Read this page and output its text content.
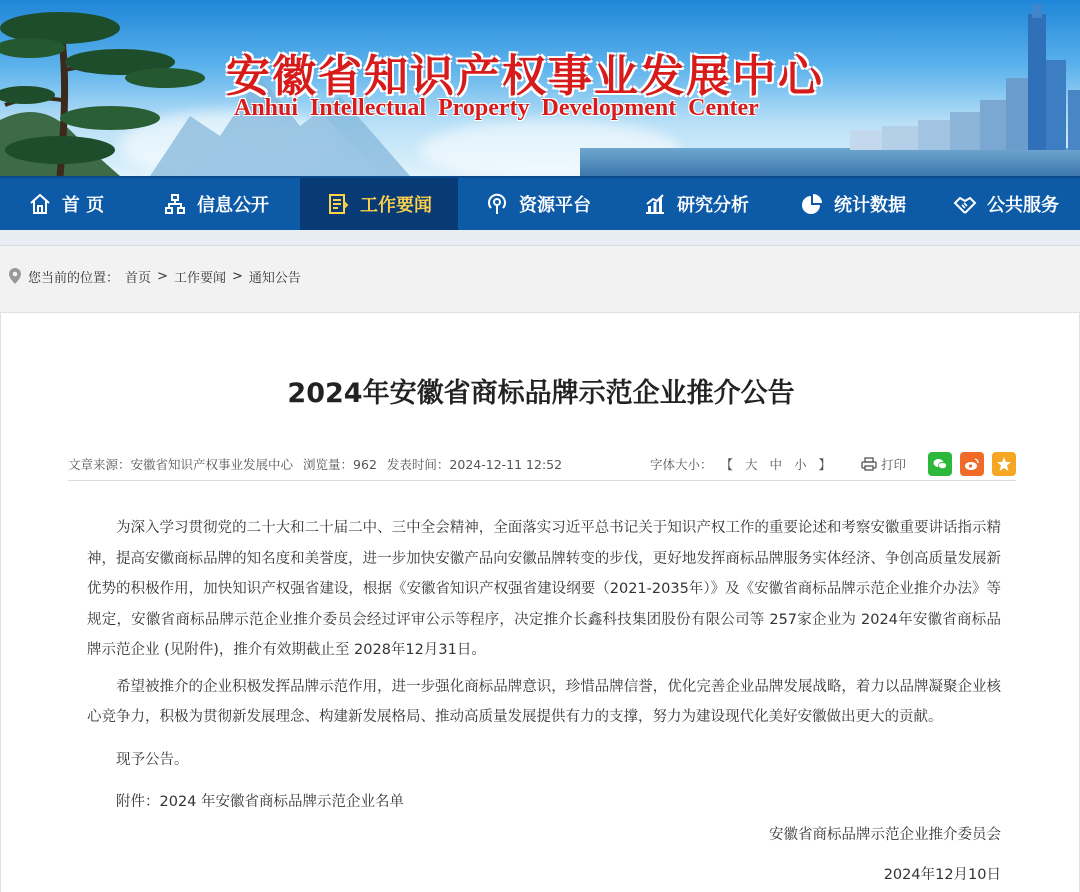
安徽省知识产权事业发展中心
Anhui Intellectual Property Development Center
首 页	信息公开	工作要闻	资源平台	研究分析	统计数据	公共服务
您当前的位置： 首页 > 工作要闻 > 通知公告
2024年安徽省商标品牌示范企业推介公告
文章来源：安徽省知识产权事业发展中心 浏览量：962 发表时间：2024-12-11 12:52	字体大小： 【 大 中 小 】	打印

为深入学习贯彻党的二十大和二十届二中、三中全会精神，全面落实习近平总书记关于知识产权工作的重要论述和考察安徽重要讲话指示精神，提高安徽商标品牌的知名度和美誉度，进一步加快安徽产品向安徽品牌转变的步伐，更好地发挥商标品牌服务实体经济、争创高质量发展新优势的积极作用，加快知识产权强省建设，根据《安徽省知识产权强省建设纲要（2021-2035年）》及《安徽省商标品牌示范企业推介办法》等规定，安徽省商标品牌示范企业推介委员会经过评审公示等程序，决定推介长鑫科技集团股份有限公司等 257家企业为 2024年安徽省商标品牌示范企业 (见附件)，推介有效期截止至 2028年12月31日。

希望被推介的企业积极发挥品牌示范作用，进一步强化商标品牌意识，珍惜品牌信誉，优化完善企业品牌发展战略，着力以品牌凝聚企业核心竞争力，积极为贯彻新发展理念、构建新发展格局、推动高质量发展提供有力的支撑，努力为建设现代化美好安徽做出更大的贡献。

现予公告。

附件：2024 年安徽省商标品牌示范企业名单

安徽省商标品牌示范企业推介委员会
2024年12月10日
